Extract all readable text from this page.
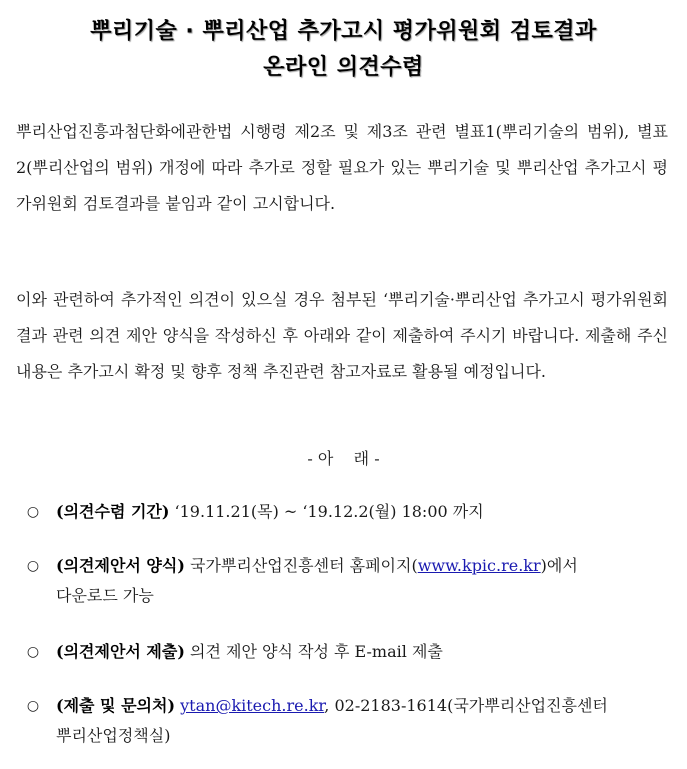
뿌리기술 · 뿌리산업 추가고시 평가위원회 검토결과
온라인 의견수렴

뿌리산업진흥과첨단화에관한법 시행령 제2조 및 제3조 관련 별표1(뿌리기술의 범위), 별표2(뿌리산업의 범위) 개정에 따라 추가로 정할 필요가 있는 뿌리기술 및 뿌리산업 추가고시 평가위원회 검토결과를 붙임과 같이 고시합니다.

이와 관련하여 추가적인 의견이 있으실 경우 첨부된 ‘뿌리기술·뿌리산업 추가고시 평가위원회 결과 관련 의견 제안 양식을 작성하신 후 아래와 같이 제출하여 주시기 바랍니다. 제출해 주신 내용은 추가고시 확정 및 향후 정책 추진관련 참고자료로 활용될 예정입니다.

- 아    래 -
○ (의견수렴 기간) ‘19.11.21(목) ~ ‘19.12.2(월) 18:00 까지
○ (의견제안서 양식) 국가뿌리산업진흥센터 홈페이지(www.kpic.re.kr)에서
다운로드 가능
○ (의견제안서 제출) 의견 제안 양식 작성 후 E-mail 제출
○ (제출 및 문의처) ytan@kitech.re.kr, 02-2183-1614(국가뿌리산업진흥센터
뿌리산업정책실)
